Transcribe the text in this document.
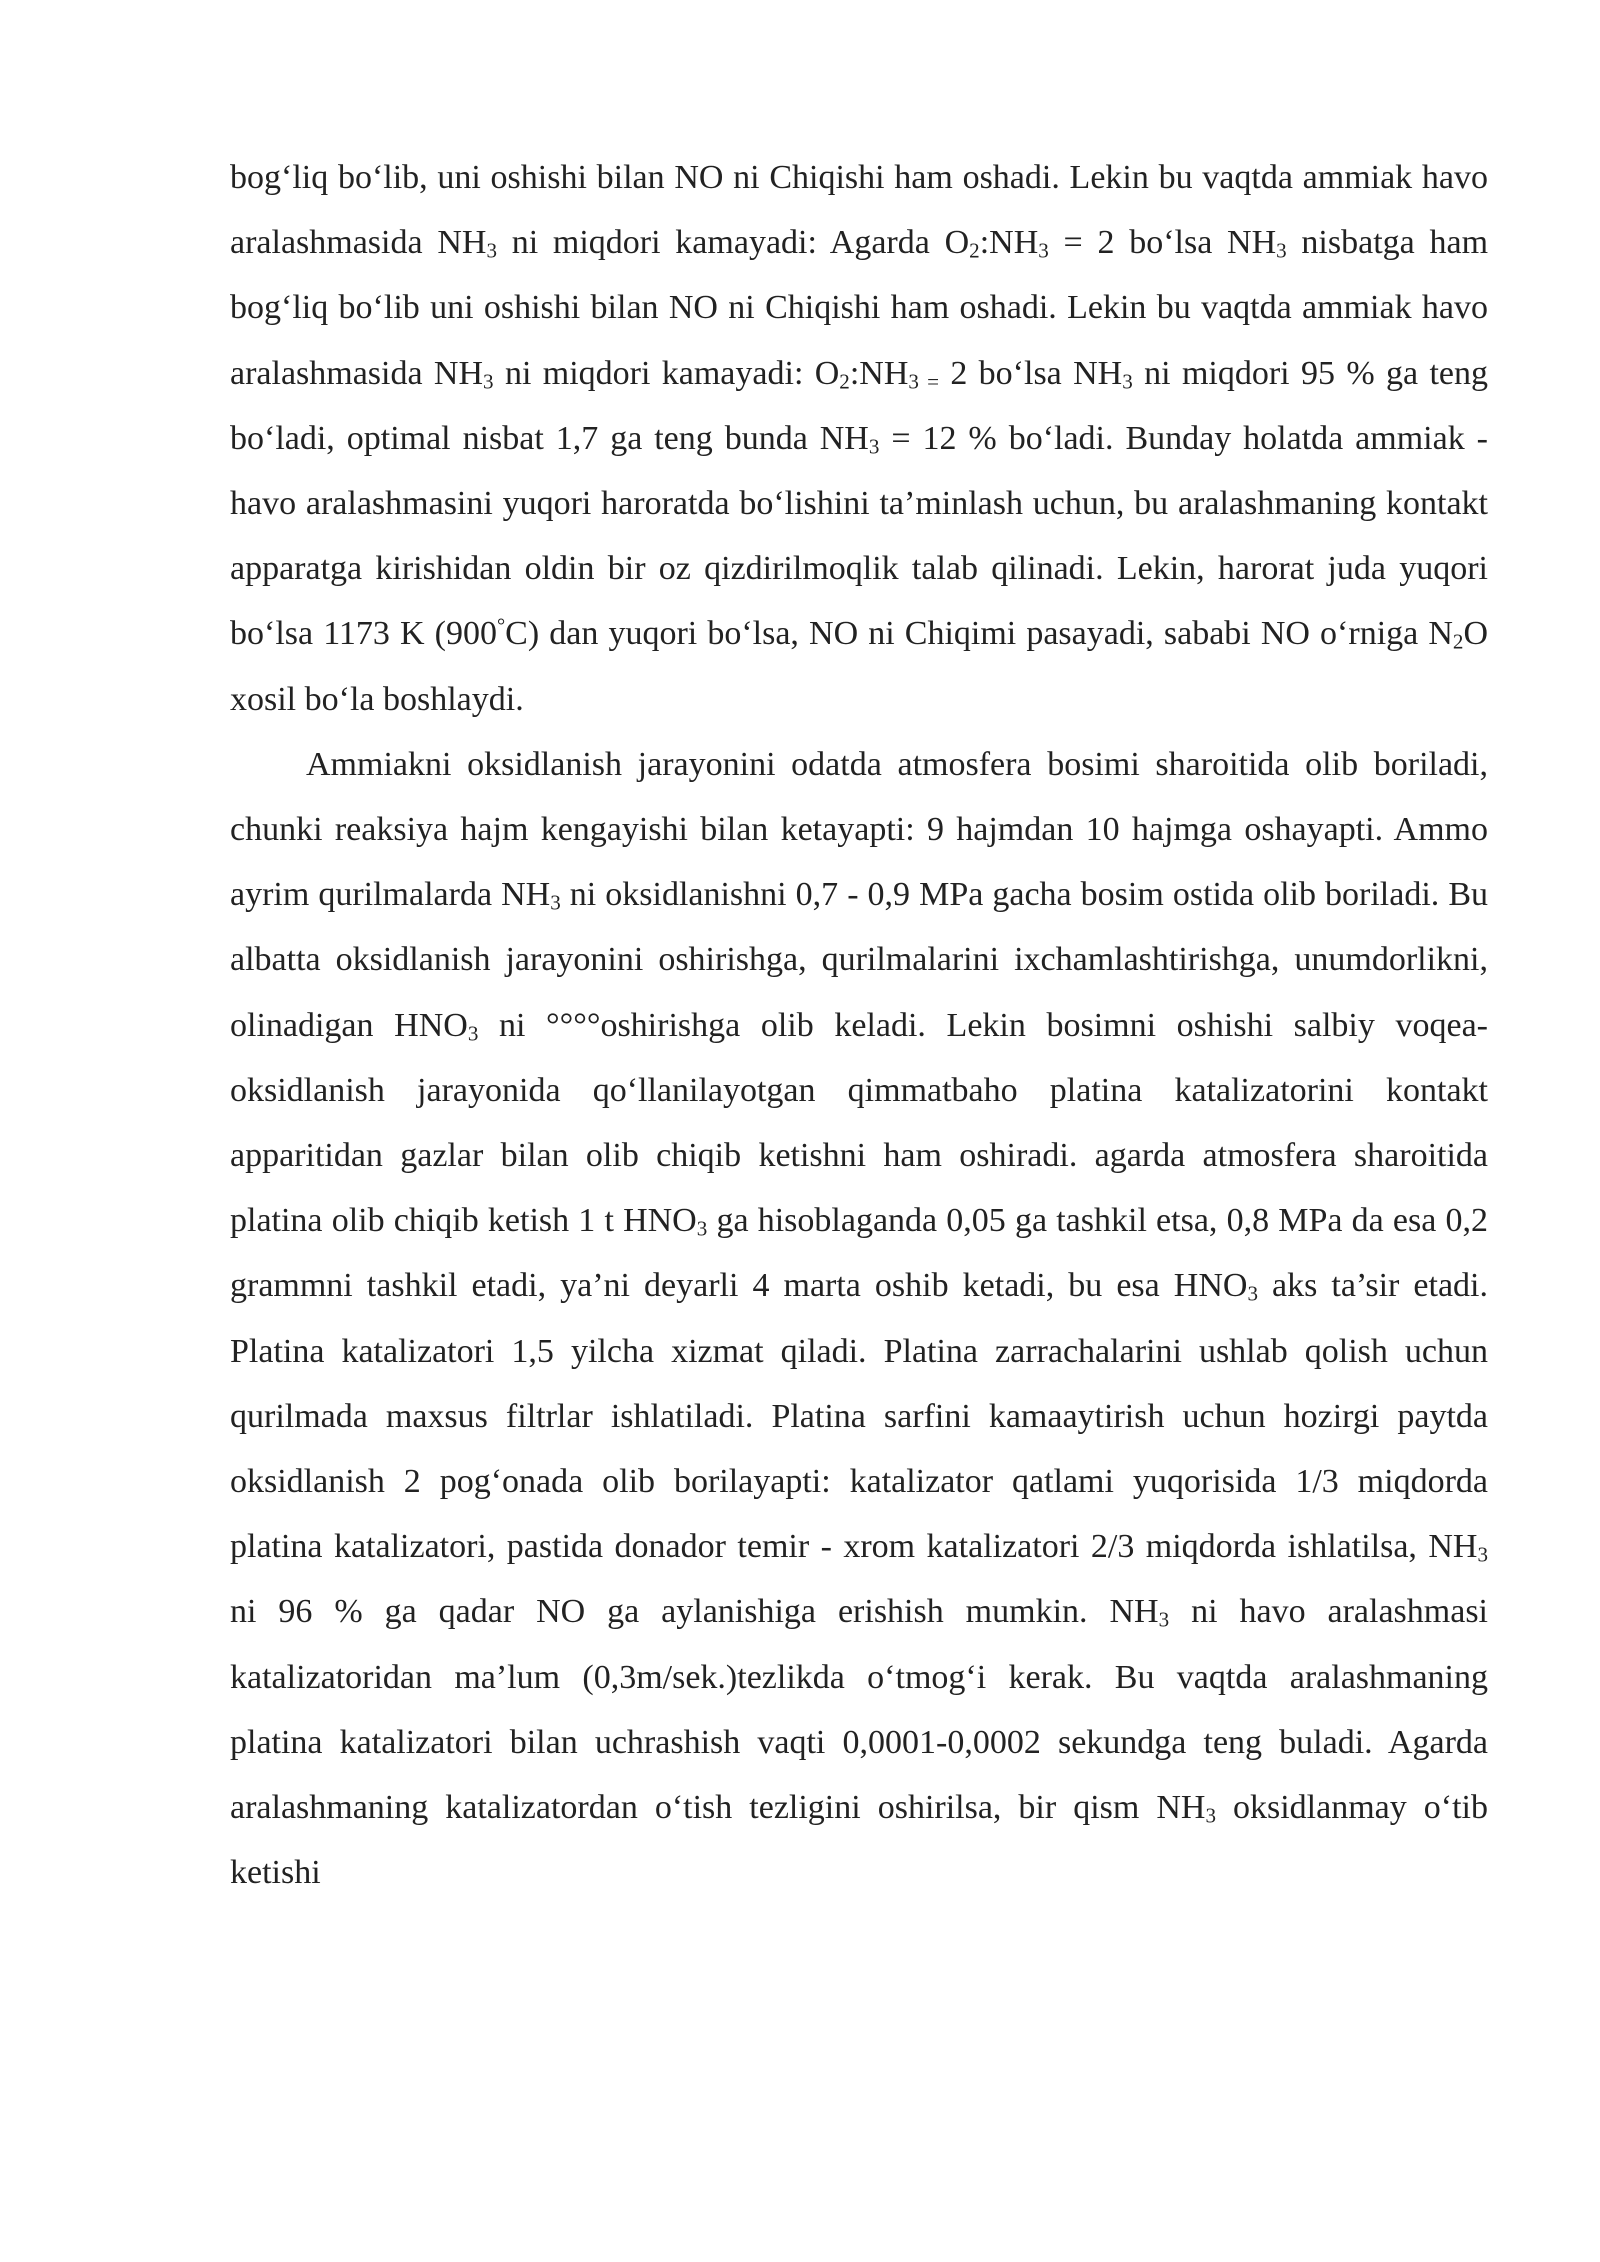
bog‘liq bo‘lib, uni oshishi bilan NO ni Chiqishi ham oshadi. Lekin bu vaqtda ammiak havo aralashmasida $NH_3$ ni miqdori kamayadi: Agarda $O_2:NH_3 = 2$ bo‘lsa $NH_3$ nisbatga ham bog‘liq bo‘lib uni oshishi bilan NO ni Chiqishi ham oshadi. Lekin bu vaqtda ammiak havo aralashmasida $NH_3$ ni miqdori kamayadi: $O_2:NH_{3 =}$ 2 bo‘lsa $NH_3$ ni miqdori 95 % ga teng bo‘ladi, optimal nisbat 1,7 ga teng bunda $NH_3 = 12$ % bo‘ladi. Bunday holatda ammiak - havo aralashmasini yuqori haroratda bo‘lishini ta’minlash uchun, bu aralashmaning kontakt apparatga kirishidan oldin bir oz qizdirilmoqlik talab qilinadi. Lekin, harorat juda yuqori bo‘lsa 1173 K (900°C) dan yuqori bo‘lsa, NO ni Chiqimi pasayadi, sababi NO o‘rniga $N_2O$ xosil bo‘la boshlaydi.

Ammiakni oksidlanish jarayonini odatda atmosfera bosimi sharoitida olib boriladi, chunki reaksiya hajm kengayishi bilan ketayapti: 9 hajmdan 10 hajmga oshayapti. Ammo ayrim qurilmalarda $NH_3$ ni oksidlanishni 0,7 - 0,9 MPa gacha bosim ostida olib boriladi. Bu albatta oksidlanish jarayonini oshirishga, qurilmalarini ixchamlashtirishga, unumdorlikni, olinadigan $HNO_3$ ni °°°°oshirishga olib keladi. Lekin bosimni oshishi salbiy voqea-oksidlanish jarayonida qo‘llanilayotgan qimmatbaho platina katalizatorini kontakt apparitidan gazlar bilan olib chiqib ketishni ham oshiradi. agarda atmosfera sharoitida platina olib chiqib ketish 1 t $HNO_3$ ga hisoblaganda 0,05 ga tashkil etsa, 0,8 MPa da esa 0,2 grammni tashkil etadi, ya’ni deyarli 4 marta oshib ketadi, bu esa $HNO_3$ aks ta’sir etadi. Platina katalizatori 1,5 yilcha xizmat qiladi. Platina zarrachalarini ushlab qolish uchun qurilmada maxsus filtrlar ishlatiladi. Platina sarfini kamaaytirish uchun hozirgi paytda oksidlanish 2 pog‘onada olib borilayapti: katalizator qatlami yuqorisida 1/3 miqdorda platina katalizatori, pastida donador temir - xrom katalizatori 2/3 miqdorda ishlatilsa, $NH_3$ ni 96 % ga qadar NO ga aylanishiga erishish mumkin. $NH_3$ ni havo aralashmasi katalizatoridan ma’lum (0,3m/sek.)tezlikda o‘tmog‘i kerak. Bu vaqtda aralashmaning platina katalizatori bilan uchrashish vaqti 0,0001-0,0002 sekundga teng buladi. Agarda aralashmaning katalizatordan o‘tish tezligini oshirilsa, bir qism $NH_3$ oksidlanmay o‘tib ketishi
